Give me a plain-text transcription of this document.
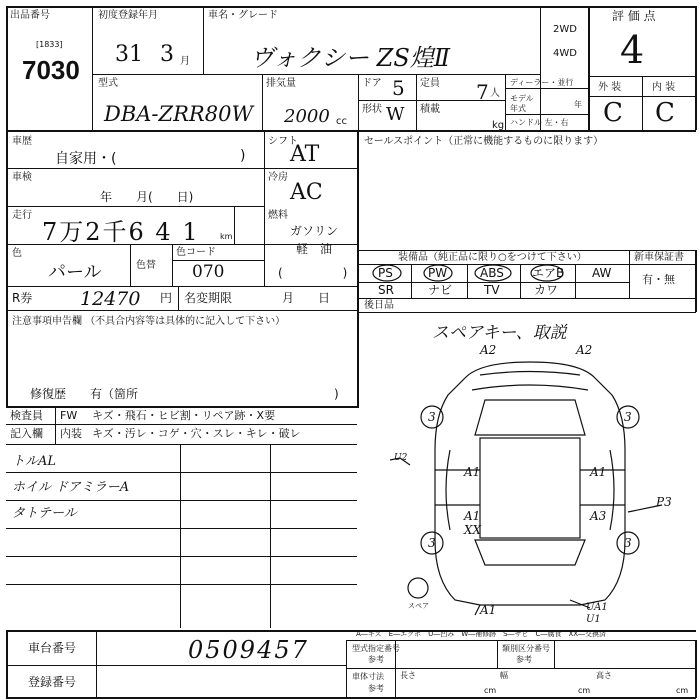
出品番号
[1833]
7030
初度登録年月
31 3 月
車名・グレード
ヴォクシー ZS煌Ⅱ
2WD
4WD
評 価 点
4
型式
DBA-ZRR80W
排気量
2000 cc
ドア 5 定員 7 人
形状 W 積載
kg
ディーラー・並行
モデル
年式	年
ハンドル 左・右
外 装	内 装
C C
車歴
自家用・(	)
シフト
AT
車検
年　　月(　　日)
冷房
AC
走行
7万2千6 4 1	km
燃料
ガソリン
軽　油
(　　　　　)
色
パール	色替
色コード
070
R券	12470 円 名変期限	月　　日
注意事項申告欄 （不具合内容等は具体的に記入して下さい）
修復歴　　有（箇所	)
検査員
記入欄
FW キズ・飛石・ヒビ割・リペア跡・X要
内装 キズ・汚レ・コゲ・穴・スレ・キレ・破レ
トルAL
ホイル ドアミラーA
タトテール
セールスポイント（正常に機能するものに限ります）
装備品（純正品に限り○をつけて下さい）	新車保証書
有・無
PS	PW	ABS エアB AW
SR	ナビ	TV	カワ
後日品
スペアキー、取説
A2	A2
3	3
3	3
U2
A1	A1
A1
XX
A3
P3
A1	UA1
U1
スペア
A―キズ　E―エクボ　U―凹み　W―補修跡　S―サビ　C―腐食　XX―交換済
車台番号	0509457
登録番号
型式指定番号
参考
類別区分番号
参考
車体寸法
参考
長さ
cm
幅
cm
高さ
cm
